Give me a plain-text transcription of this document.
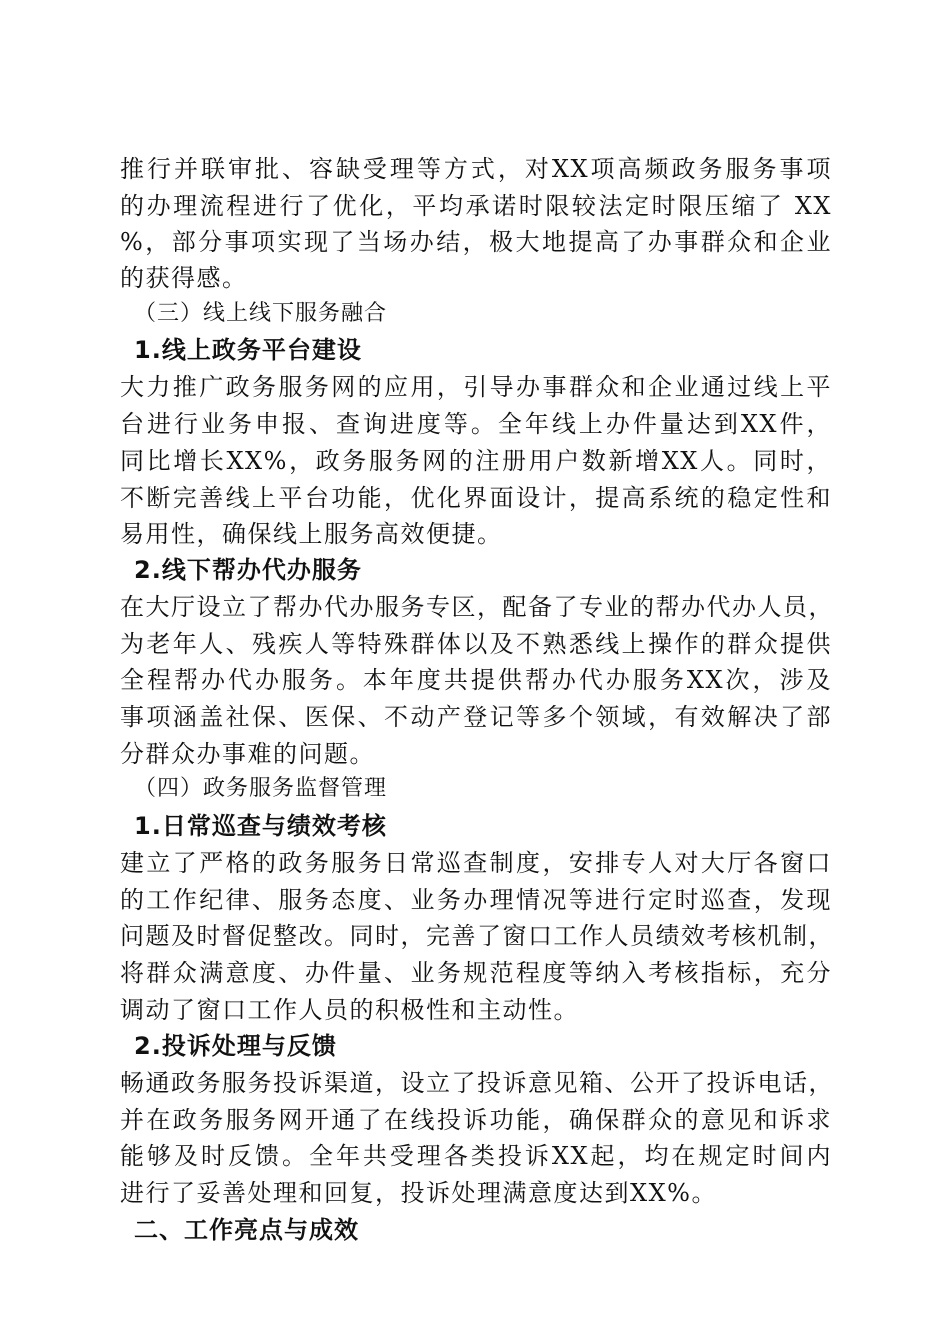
推行并联审批、容缺受理等方式，对XX项高频政务服务事项
的办理流程进行了优化，平均承诺时限较法定时限压缩了 XX
%，部分事项实现了当场办结，极大地提高了办事群众和企业
的获得感。
（三）线上线下服务融合
1.线上政务平台建设
大力推广政务服务网的应用，引导办事群众和企业通过线上平
台进行业务申报、查询进度等。全年线上办件量达到XX件，
同比增长XX%，政务服务网的注册用户数新增XX人。同时，
不断完善线上平台功能，优化界面设计，提高系统的稳定性和
易用性，确保线上服务高效便捷。
2.线下帮办代办服务
在大厅设立了帮办代办服务专区，配备了专业的帮办代办人员，
为老年人、残疾人等特殊群体以及不熟悉线上操作的群众提供
全程帮办代办服务。本年度共提供帮办代办服务XX次，涉及
事项涵盖社保、医保、不动产登记等多个领域，有效解决了部
分群众办事难的问题。
（四）政务服务监督管理
1.日常巡查与绩效考核
建立了严格的政务服务日常巡查制度，安排专人对大厅各窗口
的工作纪律、服务态度、业务办理情况等进行定时巡查，发现
问题及时督促整改。同时，完善了窗口工作人员绩效考核机制，
将群众满意度、办件量、业务规范程度等纳入考核指标，充分
调动了窗口工作人员的积极性和主动性。
2.投诉处理与反馈
畅通政务服务投诉渠道，设立了投诉意见箱、公开了投诉电话，
并在政务服务网开通了在线投诉功能，确保群众的意见和诉求
能够及时反馈。全年共受理各类投诉XX起，均在规定时间内
进行了妥善处理和回复，投诉处理满意度达到XX%。
二、工作亮点与成效
